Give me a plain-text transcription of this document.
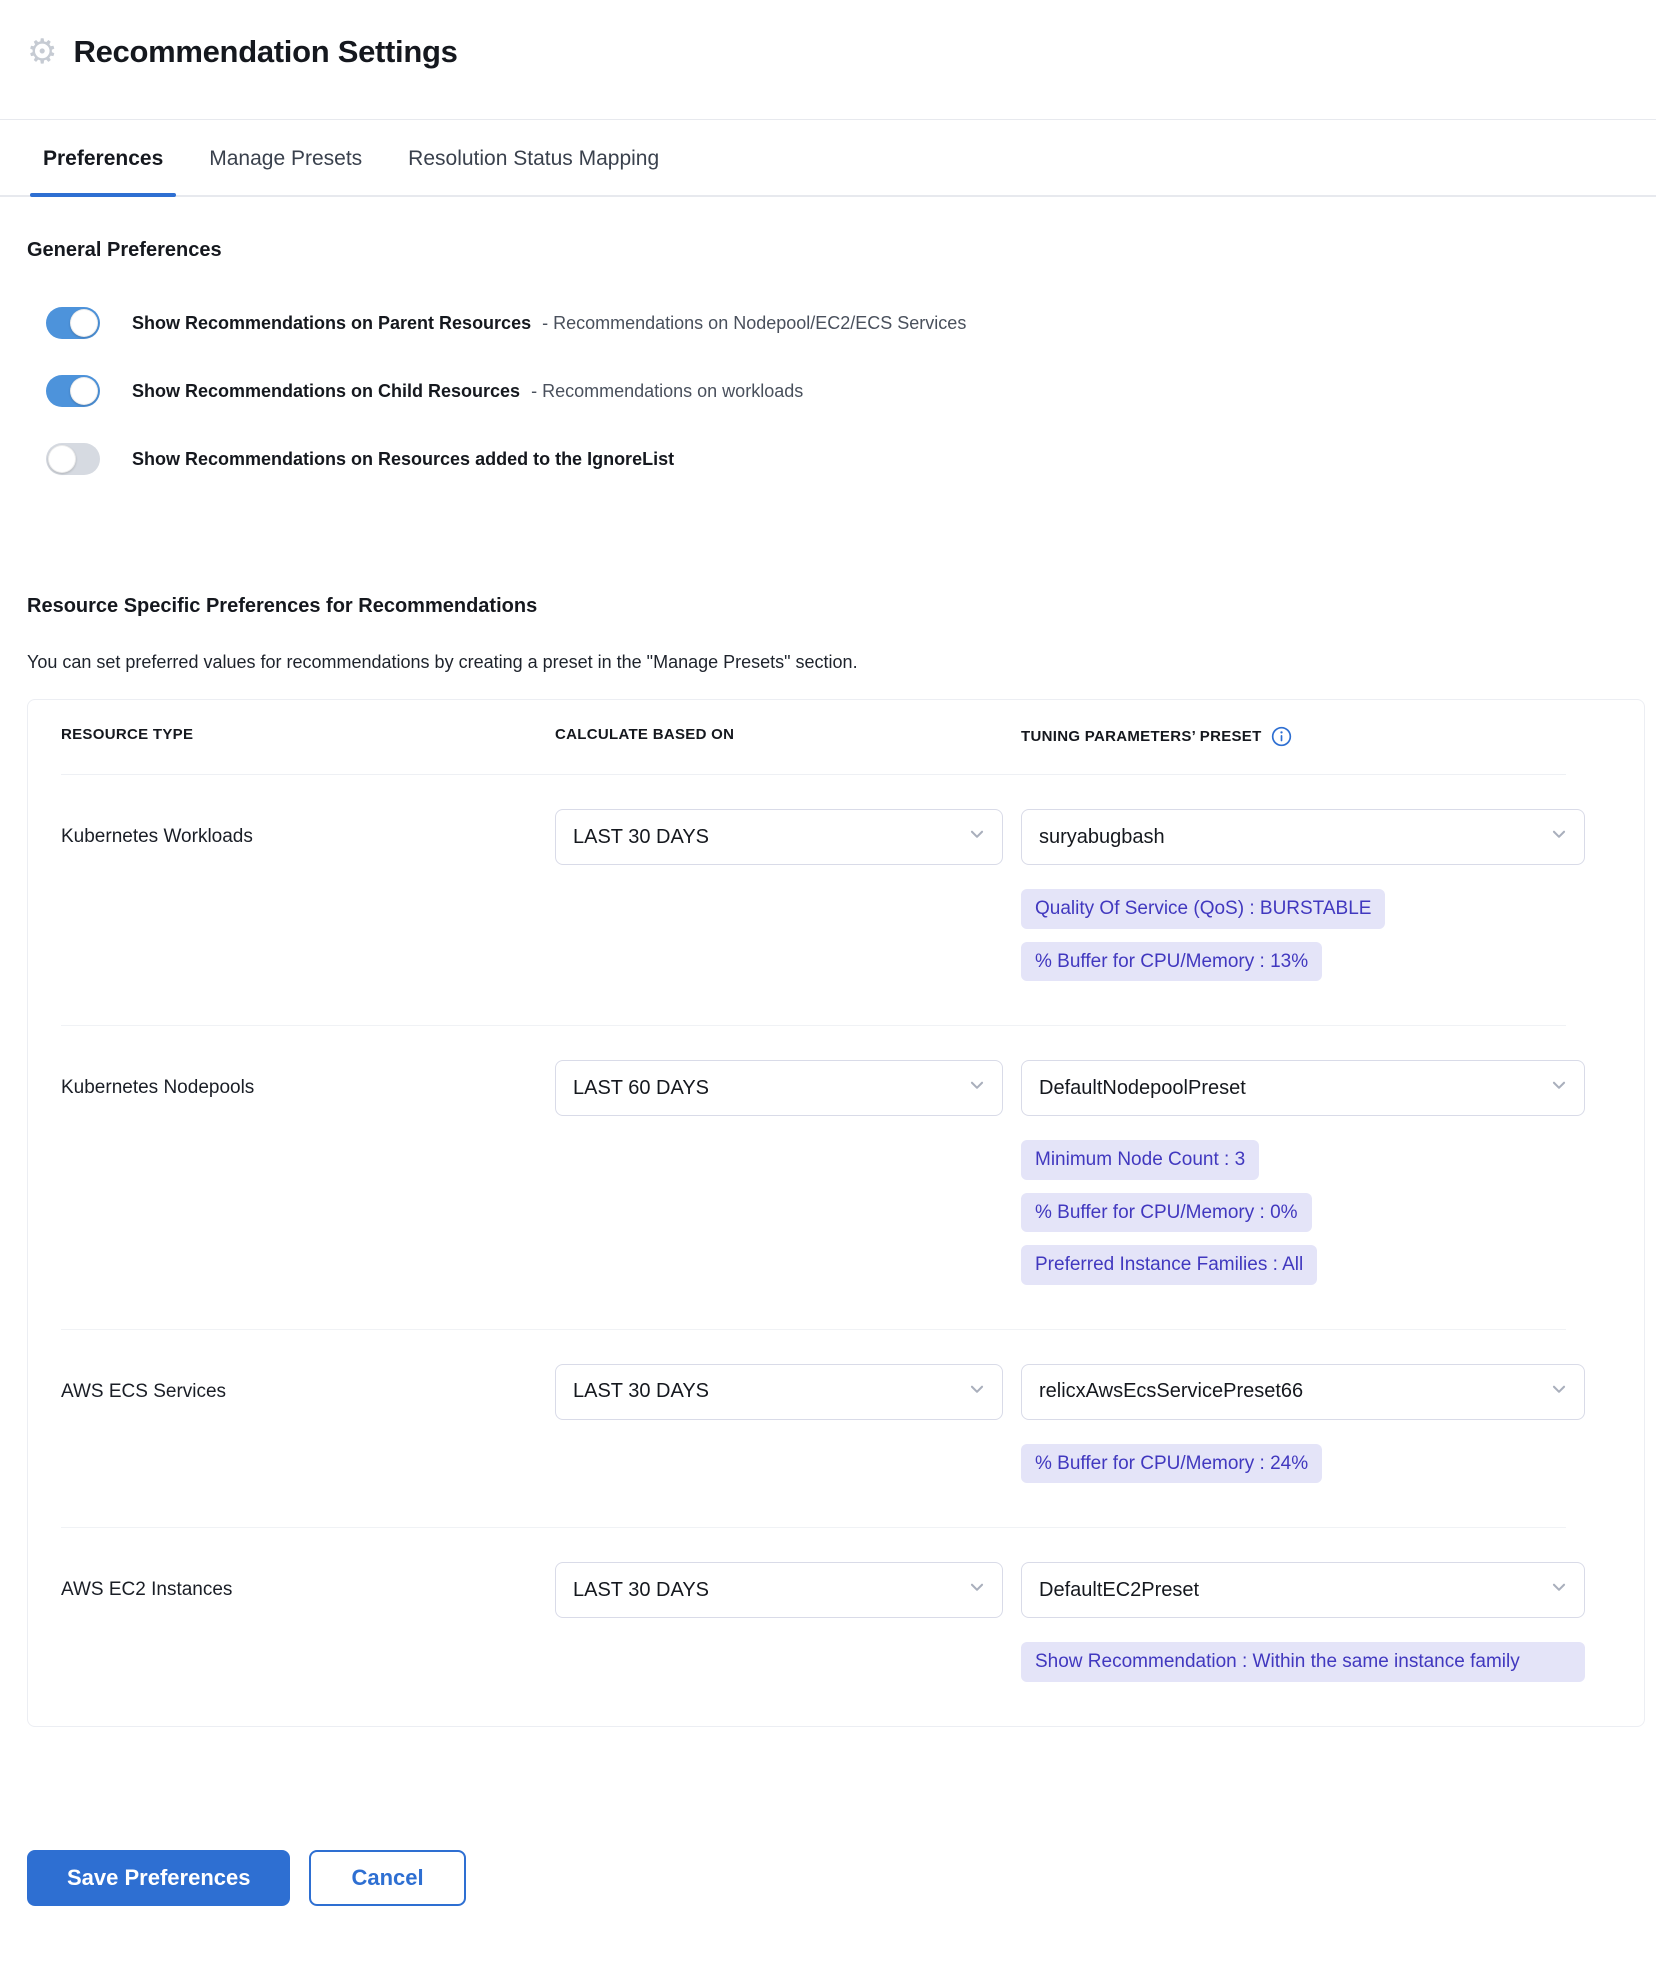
⚙ Recommendation Settings
Preferences	Manage Presets	Resolution Status Mapping
General Preferences
Show Recommendations on Parent Resources - Recommendations on Nodepool/EC2/ECS Services
Show Recommendations on Child Resources - Recommendations on workloads
Show Recommendations on Resources added to the IgnoreList
Resource Specific Preferences for Recommendations

You can set preferred values for recommendations by creating a preset in the "Manage Presets" section.

RESOURCE TYPE	CALCULATE BASED ON	TUNING PARAMETERS’ PRESET
Kubernetes Workloads	LAST 30 DAYS	suryabugbash
Quality Of Service (QoS) : BURSTABLE
% Buffer for CPU/Memory : 13%
Kubernetes Nodepools	LAST 60 DAYS	DefaultNodepoolPreset
Minimum Node Count : 3
% Buffer for CPU/Memory : 0%
Preferred Instance Families : All
AWS ECS Services	LAST 30 DAYS	relicxAwsEcsServicePreset66
% Buffer for CPU/Memory : 24%
AWS EC2 Instances	LAST 30 DAYS	DefaultEC2Preset
Show Recommendation : Within the same instance family
Save Preferences	Cancel
